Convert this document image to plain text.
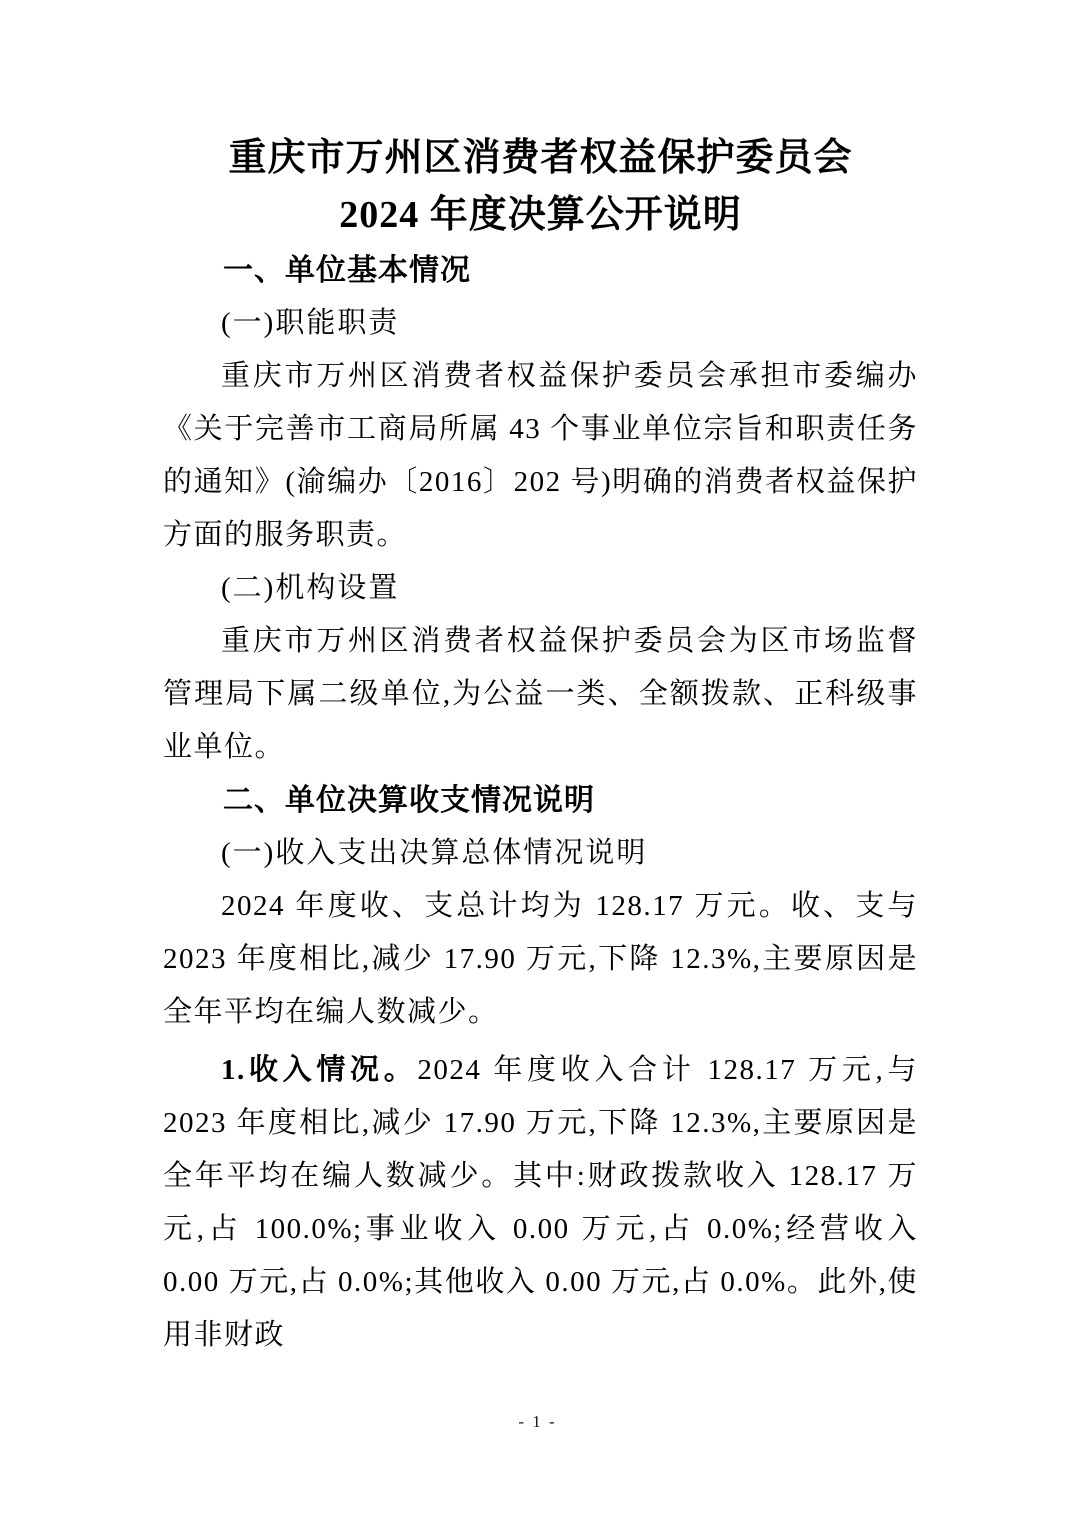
重庆市万州区消费者权益保护委员会
2024 年度决算公开说明
一、单位基本情况
(一)职能职责

重庆市万州区消费者权益保护委员会承担市委编办《关于完善市工商局所属 43 个事业单位宗旨和职责任务的通知》(渝编办〔2016〕202 号)明确的消费者权益保护方面的服务职责。

(二)机构设置

重庆市万州区消费者权益保护委员会为区市场监督管理局下属二级单位,为公益一类、全额拨款、正科级事业单位。

二、单位决算收支情况说明
(一)收入支出决算总体情况说明

2024 年度收、支总计均为 128.17 万元。收、支与 2023 年度相比,减少 17.90 万元,下降 12.3%,主要原因是全年平均在编人数减少。

1.收入情况。2024 年度收入合计 128.17 万元,与 2023 年度相比,减少 17.90 万元,下降 12.3%,主要原因是全年平均在编人数减少。其中:财政拨款收入 128.17 万元,占 100.0%;事业收入 0.00 万元,占 0.0%;经营收入 0.00 万元,占 0.0%;其他收入 0.00 万元,占 0.0%。此外,使用非财政

- 1 -
